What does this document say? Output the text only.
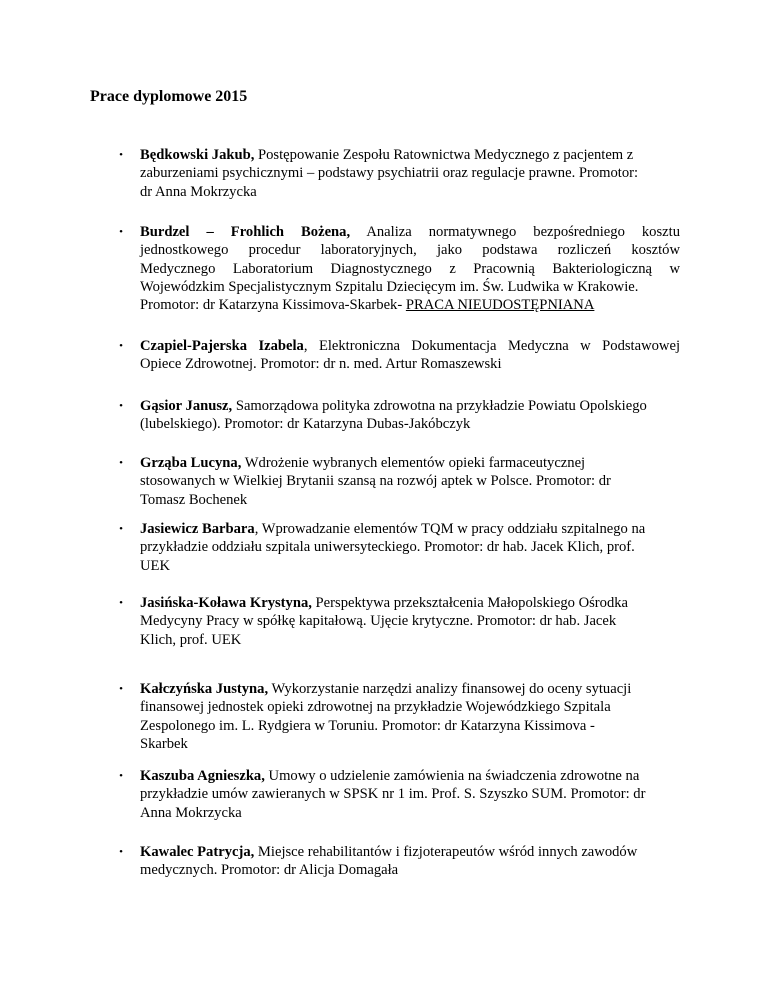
Prace dyplomowe 2015
• Będkowski Jakub, Postępowanie Zespołu Ratownictwa Medycznego z pacjentem z
zaburzeniami psychicznymi – podstawy psychiatrii oraz regulacje prawne. Promotor:
dr Anna Mokrzycka
• Burdzel – Frohlich Bożena, Analiza normatywnego bezpośredniego kosztu
jednostkowego procedur laboratoryjnych, jako podstawa rozliczeń kosztów
Medycznego Laboratorium Diagnostycznego z Pracownią Bakteriologiczną w
Wojewódzkim Specjalistycznym Szpitalu Dziecięcym im. Św. Ludwika w Krakowie.
Promotor: dr Katarzyna Kissimova-Skarbek- PRACA NIEUDOSTĘPNIANA
• Czapiel-Pajerska Izabela, Elektroniczna Dokumentacja Medyczna w Podstawowej
Opiece Zdrowotnej. Promotor: dr n. med. Artur Romaszewski
• Gąsior Janusz, Samorządowa polityka zdrowotna na przykładzie Powiatu Opolskiego
(lubelskiego). Promotor: dr Katarzyna Dubas-Jakóbczyk
• Grząba Lucyna, Wdrożenie wybranych elementów opieki farmaceutycznej
stosowanych w Wielkiej Brytanii szansą na rozwój aptek w Polsce. Promotor: dr
Tomasz Bochenek
• Jasiewicz Barbara, Wprowadzanie elementów TQM w pracy oddziału szpitalnego na
przykładzie oddziału szpitala uniwersyteckiego. Promotor: dr hab. Jacek Klich, prof.
UEK
• Jasińska-Koława Krystyna, Perspektywa przekształcenia Małopolskiego Ośrodka
Medycyny Pracy w spółkę kapitałową. Ujęcie krytyczne. Promotor: dr hab. Jacek
Klich, prof. UEK
• Kałczyńska Justyna, Wykorzystanie narzędzi analizy finansowej do oceny sytuacji
finansowej jednostek opieki zdrowotnej na przykładzie Wojewódzkiego Szpitala
Zespolonego im. L. Rydgiera w Toruniu. Promotor: dr Katarzyna Kissimova -
Skarbek
• Kaszuba Agnieszka, Umowy o udzielenie zamówienia na świadczenia zdrowotne na
przykładzie umów zawieranych w SPSK nr 1 im. Prof. S. Szyszko SUM. Promotor: dr
Anna Mokrzycka
• Kawalec Patrycja, Miejsce rehabilitantów i fizjoterapeutów wśród innych zawodów
medycznych. Promotor: dr Alicja Domagała
